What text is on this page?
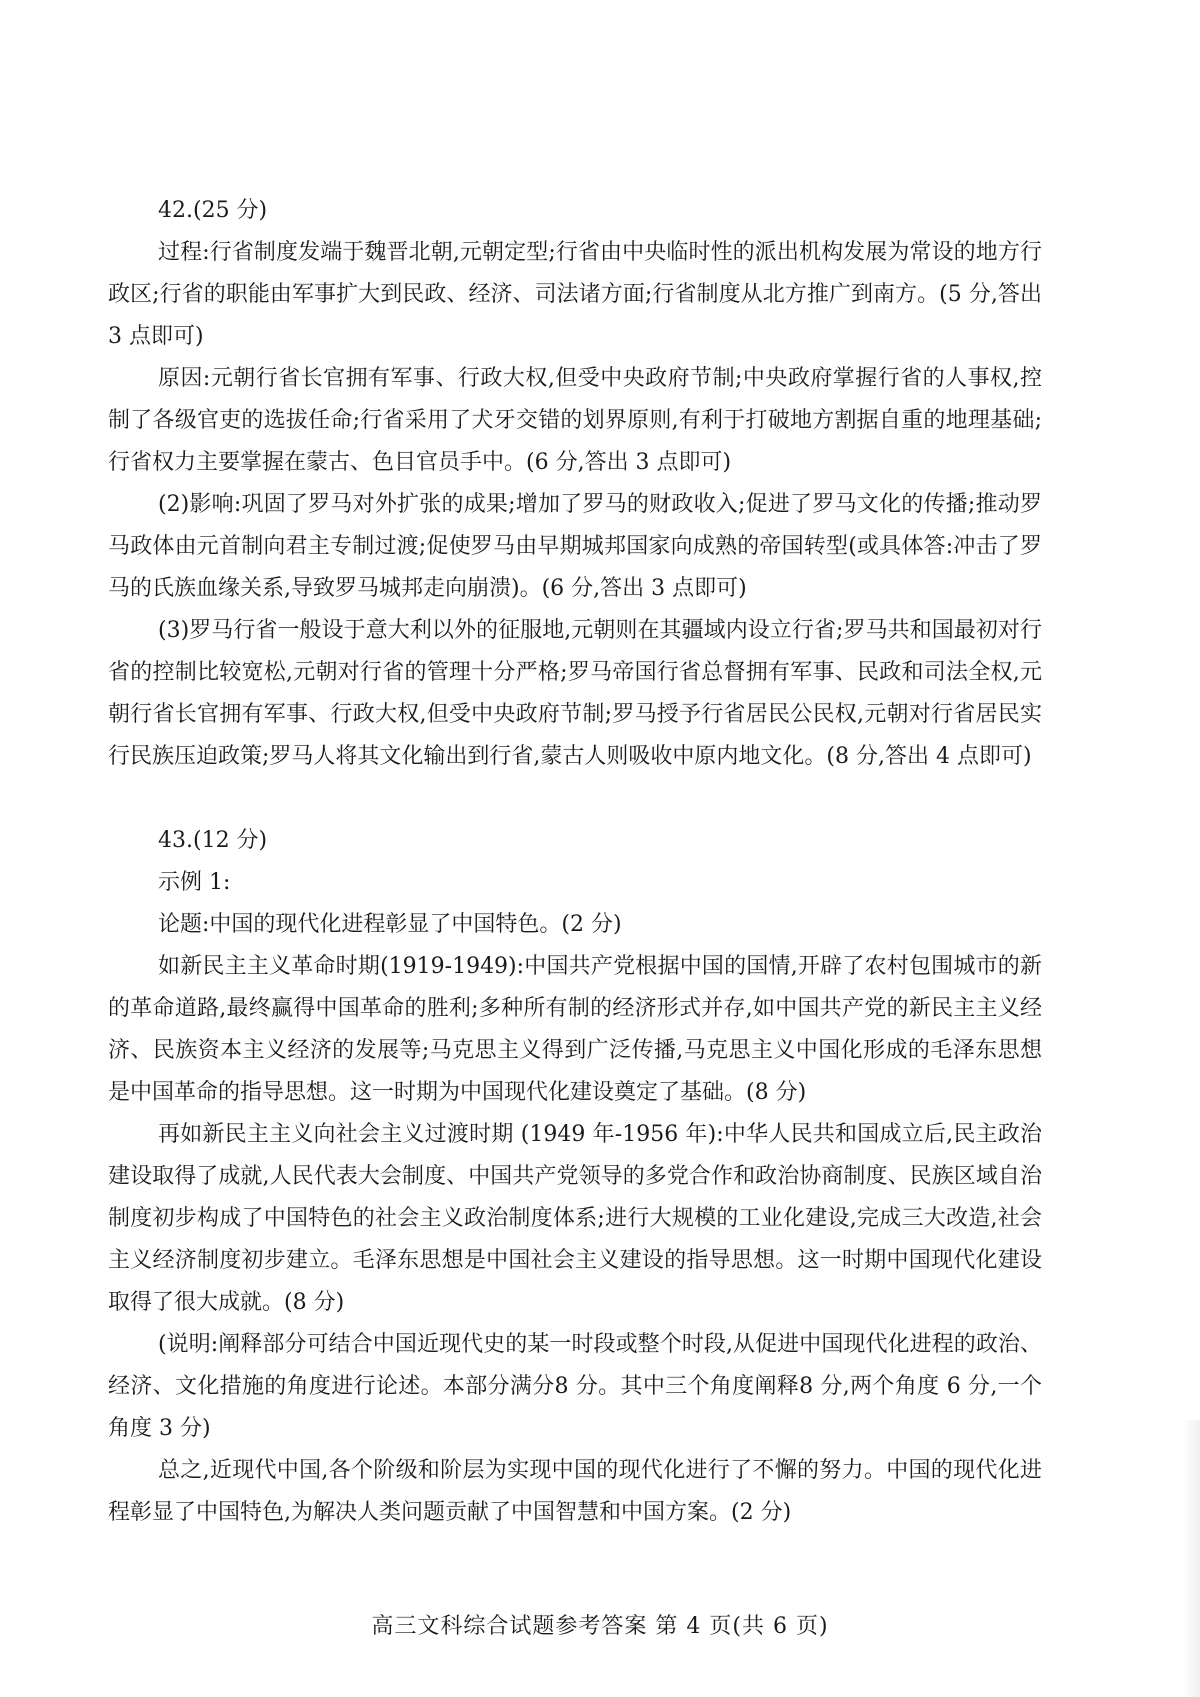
42.(25 分)

过程:行省制度发端于魏晋北朝,元朝定型;行省由中央临时性的派出机构发展为常设的地方行政区;行省的职能由军事扩大到民政、经济、司法诸方面;行省制度从北方推广到南方。(5 分,答出 3 点即可)

原因:元朝行省长官拥有军事、行政大权,但受中央政府节制;中央政府掌握行省的人事权,控制了各级官吏的选拔任命;行省采用了犬牙交错的划界原则,有利于打破地方割据自重的地理基础;行省权力主要掌握在蒙古、色目官员手中。(6 分,答出 3 点即可)

(2)影响:巩固了罗马对外扩张的成果;增加了罗马的财政收入;促进了罗马文化的传播;推动罗马政体由元首制向君主专制过渡;促使罗马由早期城邦国家向成熟的帝国转型(或具体答:冲击了罗马的氏族血缘关系,导致罗马城邦走向崩溃)。(6 分,答出 3 点即可)

(3)罗马行省一般设于意大利以外的征服地,元朝则在其疆域内设立行省;罗马共和国最初对行省的控制比较宽松,元朝对行省的管理十分严格;罗马帝国行省总督拥有军事、民政和司法全权,元朝行省长官拥有军事、行政大权,但受中央政府节制;罗马授予行省居民公民权,元朝对行省居民实行民族压迫政策;罗马人将其文化输出到行省,蒙古人则吸收中原内地文化。(8 分,答出 4 点即可)

43.(12 分)
示例 1:

论题:中国的现代化进程彰显了中国特色。(2 分)

如新民主主义革命时期(1919-1949):中国共产党根据中国的国情,开辟了农村包围城市的新的革命道路,最终赢得中国革命的胜利;多种所有制的经济形式并存,如中国共产党的新民主主义经济、民族资本主义经济的发展等;马克思主义得到广泛传播,马克思主义中国化形成的毛泽东思想是中国革命的指导思想。这一时期为中国现代化建设奠定了基础。(8 分)

再如新民主主义向社会主义过渡时期 (1949 年-1956 年):中华人民共和国成立后,民主政治建设取得了成就,人民代表大会制度、中国共产党领导的多党合作和政治协商制度、民族区域自治制度初步构成了中国特色的社会主义政治制度体系;进行大规模的工业化建设,完成三大改造,社会主义经济制度初步建立。毛泽东思想是中国社会主义建设的指导思想。这一时期中国现代化建设取得了很大成就。(8 分)

(说明:阐释部分可结合中国近现代史的某一时段或整个时段,从促进中国现代化进程的政治、经济、文化措施的角度进行论述。本部分满分8 分。其中三个角度阐释8 分,两个角度 6 分,一个角度 3 分)

总之,近现代中国,各个阶级和阶层为实现中国的现代化进行了不懈的努力。中国的现代化进程彰显了中国特色,为解决人类问题贡献了中国智慧和中国方案。(2 分)

高三文科综合试题参考答案 第 4 页(共 6 页)
